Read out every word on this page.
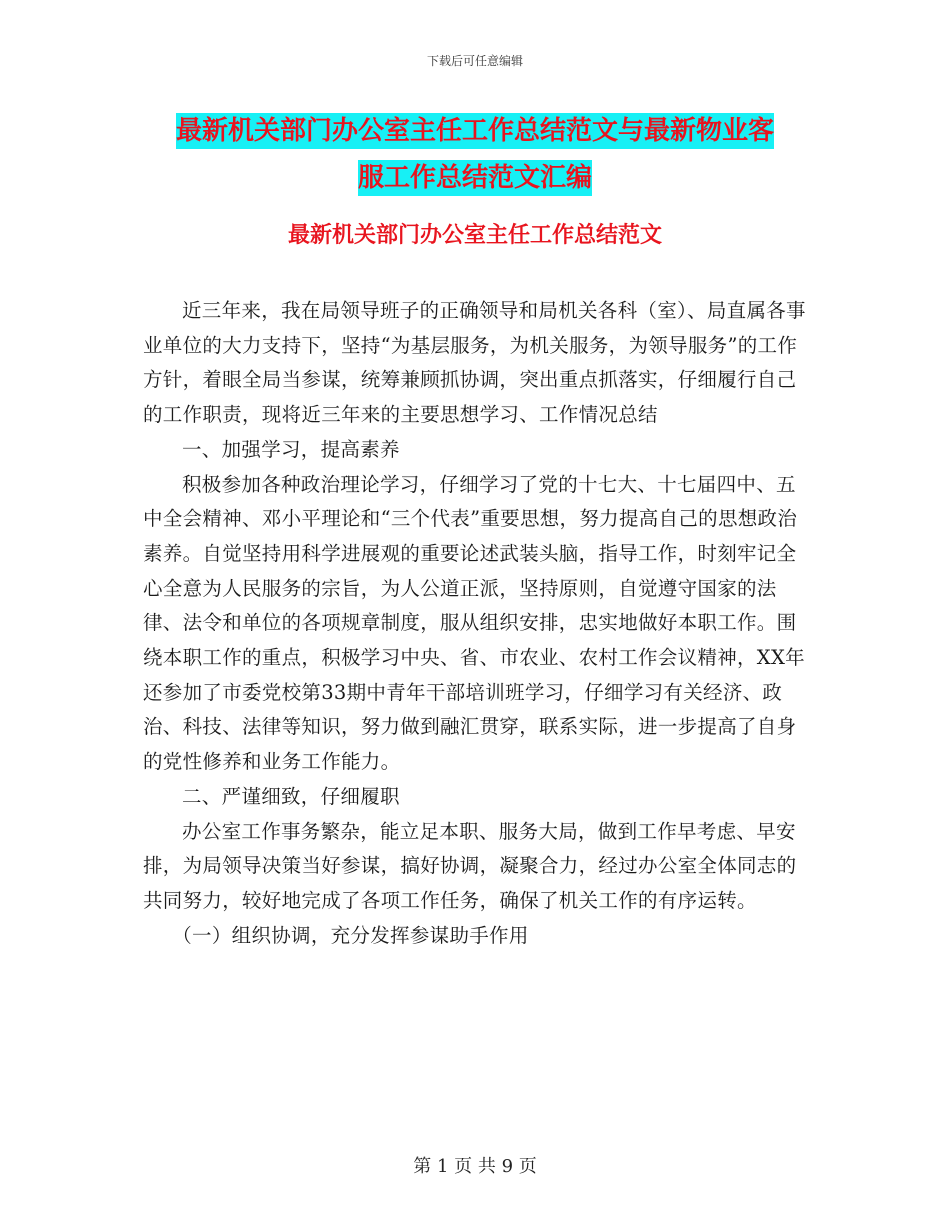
下载后可任意编辑
最新机关部门办公室主任工作总结范文与最新物业客
服工作总结范文汇编
最新机关部门办公室主任工作总结范文

近三年来，我在局领导班子的正确领导和局机关各科（室）、局直属各事业单位的大力支持下，坚持“为基层服务，为机关服务，为领导服务”的工作方针，着眼全局当参谋，统筹兼顾抓协调，突出重点抓落实，仔细履行自己的工作职责，现将近三年来的主要思想学习、工作情况总结

一、加强学习，提高素养

积极参加各种政治理论学习，仔细学习了党的十七大、十七届四中、五中全会精神、邓小平理论和“三个代表”重要思想，努力提高自己的思想政治素养。自觉坚持用科学进展观的重要论述武装头脑，指导工作，时刻牢记全心全意为人民服务的宗旨，为人公道正派，坚持原则，自觉遵守国家的法律、法令和单位的各项规章制度，服从组织安排，忠实地做好本职工作。围绕本职工作的重点，积极学习中央、省、市农业、农村工作会议精神，XX年还参加了市委党校第33期中青年干部培训班学习，仔细学习有关经济、政治、科技、法律等知识，努力做到融汇贯穿，联系实际，进一步提高了自身的党性修养和业务工作能力。

二、严谨细致，仔细履职

办公室工作事务繁杂，能立足本职、服务大局，做到工作早考虑、早安排，为局领导决策当好参谋，搞好协调，凝聚合力，经过办公室全体同志的共同努力，较好地完成了各项工作任务，确保了机关工作的有序运转。

（一）组织协调，充分发挥参谋助手作用

第 1 页 共 9 页
